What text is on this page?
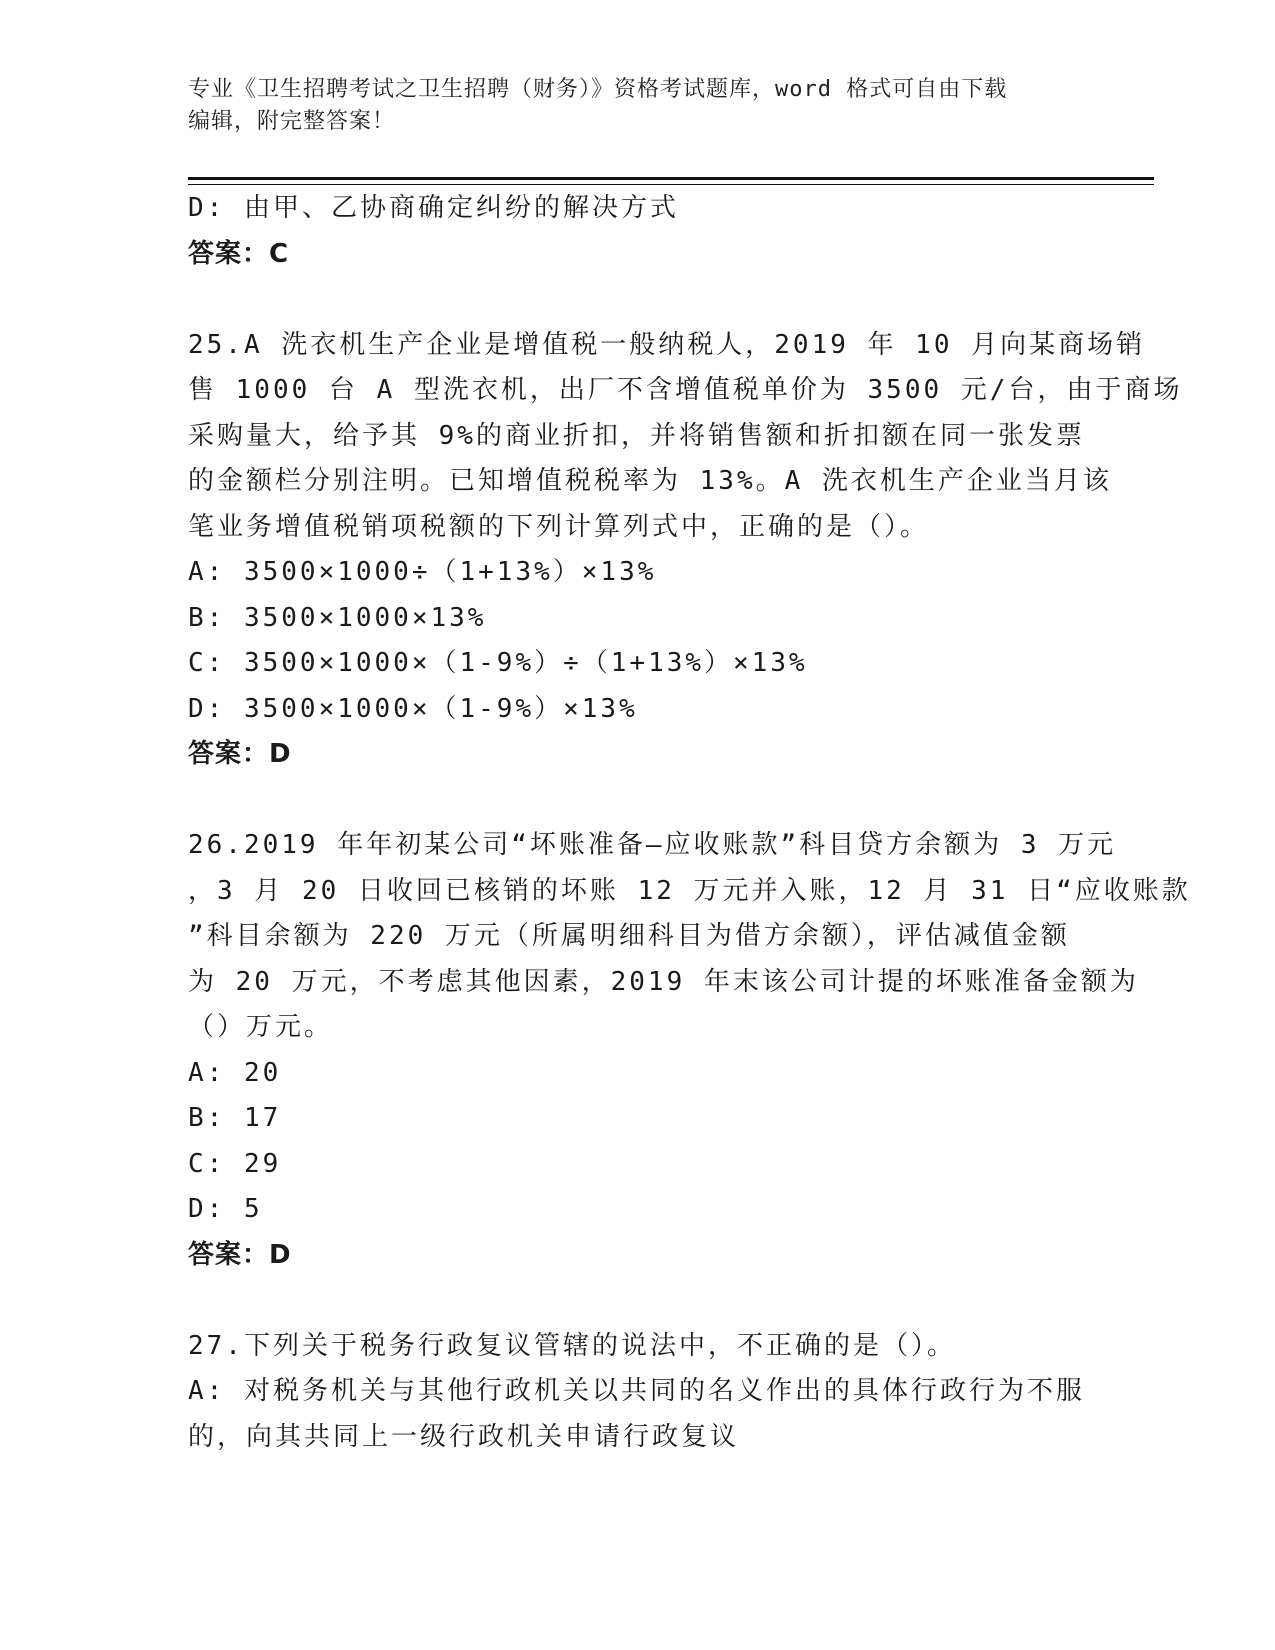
专业《卫生招聘考试之卫生招聘（财务）》资格考试题库，word 格式可自由下载
编辑，附完整答案！
D: 由甲、乙协商确定纠纷的解决方式
答案：C
25.A 洗衣机生产企业是增值税一般纳税人，2019 年 10 月向某商场销
售 1000 台 A 型洗衣机，出厂不含增值税单价为 3500 元/台，由于商场
采购量大，给予其 9%的商业折扣，并将销售额和折扣额在同一张发票
的金额栏分别注明。已知增值税税率为 13%。A 洗衣机生产企业当月该
笔业务增值税销项税额的下列计算列式中，正确的是（）。
A: 3500×1000÷（1+13%）×13%
B: 3500×1000×13%
C: 3500×1000×（1-9%）÷（1+13%）×13%
D: 3500×1000×（1-9%）×13%
答案：D
26.2019 年年初某公司“坏账准备—应收账款”科目贷方余额为 3 万元
，3 月 20 日收回已核销的坏账 12 万元并入账，12 月 31 日“应收账款
”科目余额为 220 万元（所属明细科目为借方余额），评估减值金额
为 20 万元，不考虑其他因素，2019 年末该公司计提的坏账准备金额为
（）万元。
A: 20
B: 17
C: 29
D: 5
答案：D
27.下列关于税务行政复议管辖的说法中，不正确的是（）。
A: 对税务机关与其他行政机关以共同的名义作出的具体行政行为不服
的，向其共同上一级行政机关申请行政复议
